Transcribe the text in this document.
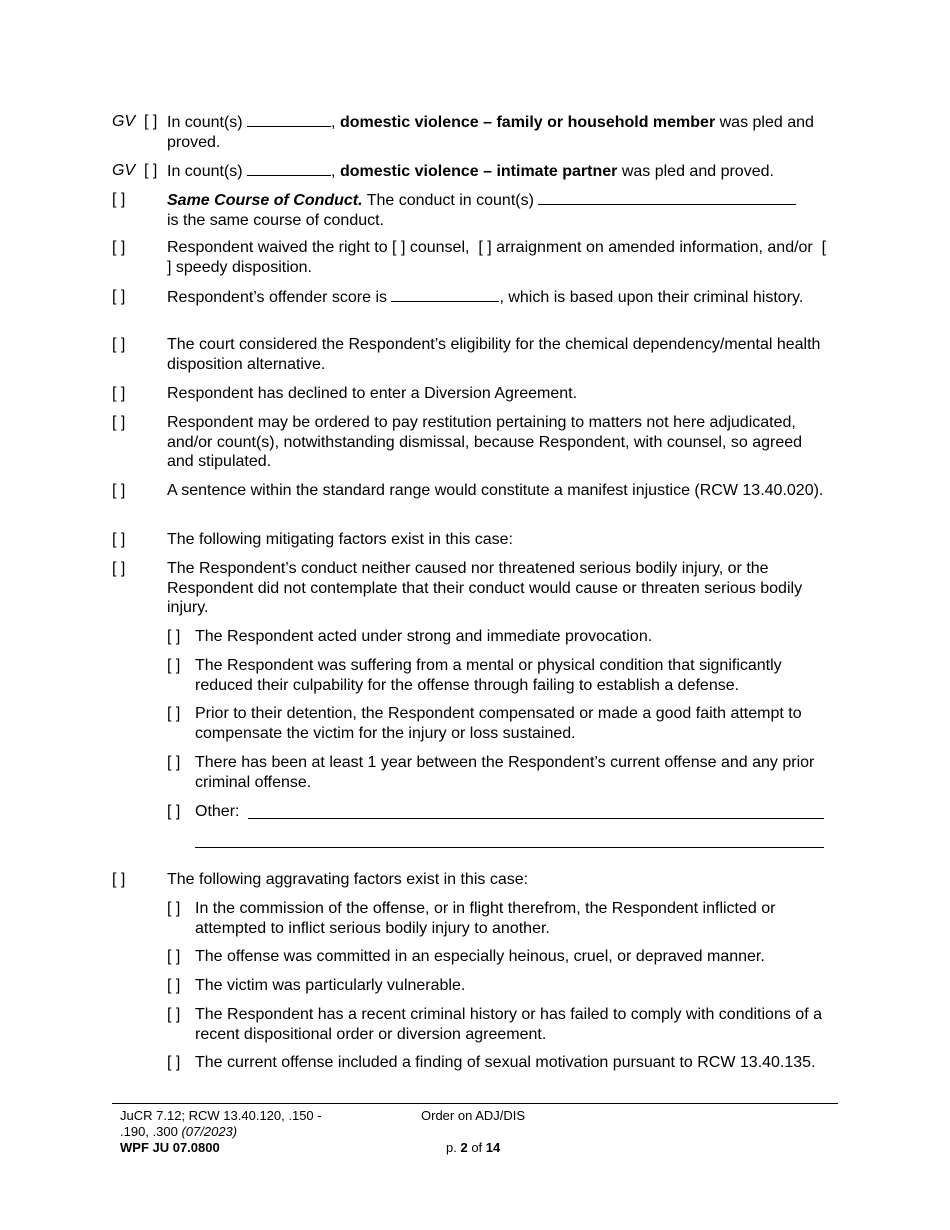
GV [ ] In count(s)	, domestic violence – family or household member was pled and proved.
GV [ ] In count(s)	, domestic violence – intimate partner was pled and proved.
[ ]	Same Course of Conduct. The conduct in count(s)
is the same course of conduct.
[ ]	Respondent waived the right to [ ] counsel, [ ] arraignment on amended information, and/or [ ] speedy disposition.
[ ]	Respondent’s offender score is	, which is based upon their criminal history.
[ ]	The court considered the Respondent’s eligibility for the chemical dependency/mental health disposition alternative.
[ ]	Respondent has declined to enter a Diversion Agreement.
[ ]	Respondent may be ordered to pay restitution pertaining to matters not here adjudicated, and/or count(s), notwithstanding dismissal, because Respondent, with counsel, so agreed and stipulated.
[ ]	A sentence within the standard range would constitute a manifest injustice (RCW 13.40.020).
[ ]	The following mitigating factors exist in this case:
[ ]	The Respondent’s conduct neither caused nor threatened serious bodily injury, or the Respondent did not contemplate that their conduct would cause or threaten serious bodily injury.
[ ] The Respondent acted under strong and immediate provocation.
[ ] The Respondent was suffering from a mental or physical condition that significantly reduced their culpability for the offense through failing to establish a defense.
[ ] Prior to their detention, the Respondent compensated or made a good faith attempt to compensate the victim for the injury or loss sustained.
[ ] There has been at least 1 year between the Respondent’s current offense and any prior criminal offense.
[ ] Other:
[ ]	The following aggravating factors exist in this case:
[ ] In the commission of the offense, or in flight therefrom, the Respondent inflicted or attempted to inflict serious bodily injury to another.
[ ] The offense was committed in an especially heinous, cruel, or depraved manner.
[ ] The victim was particularly vulnerable.
[ ] The Respondent has a recent criminal history or has failed to comply with conditions of a recent dispositional order or diversion agreement.
[ ] The current offense included a finding of sexual motivation pursuant to RCW 13.40.135.
JuCR 7.12; RCW 13.40.120, .150 -
.190, .300 (07/2023)
WPF JU 07.0800
Order on ADJ/DIS
p. 2 of 14
